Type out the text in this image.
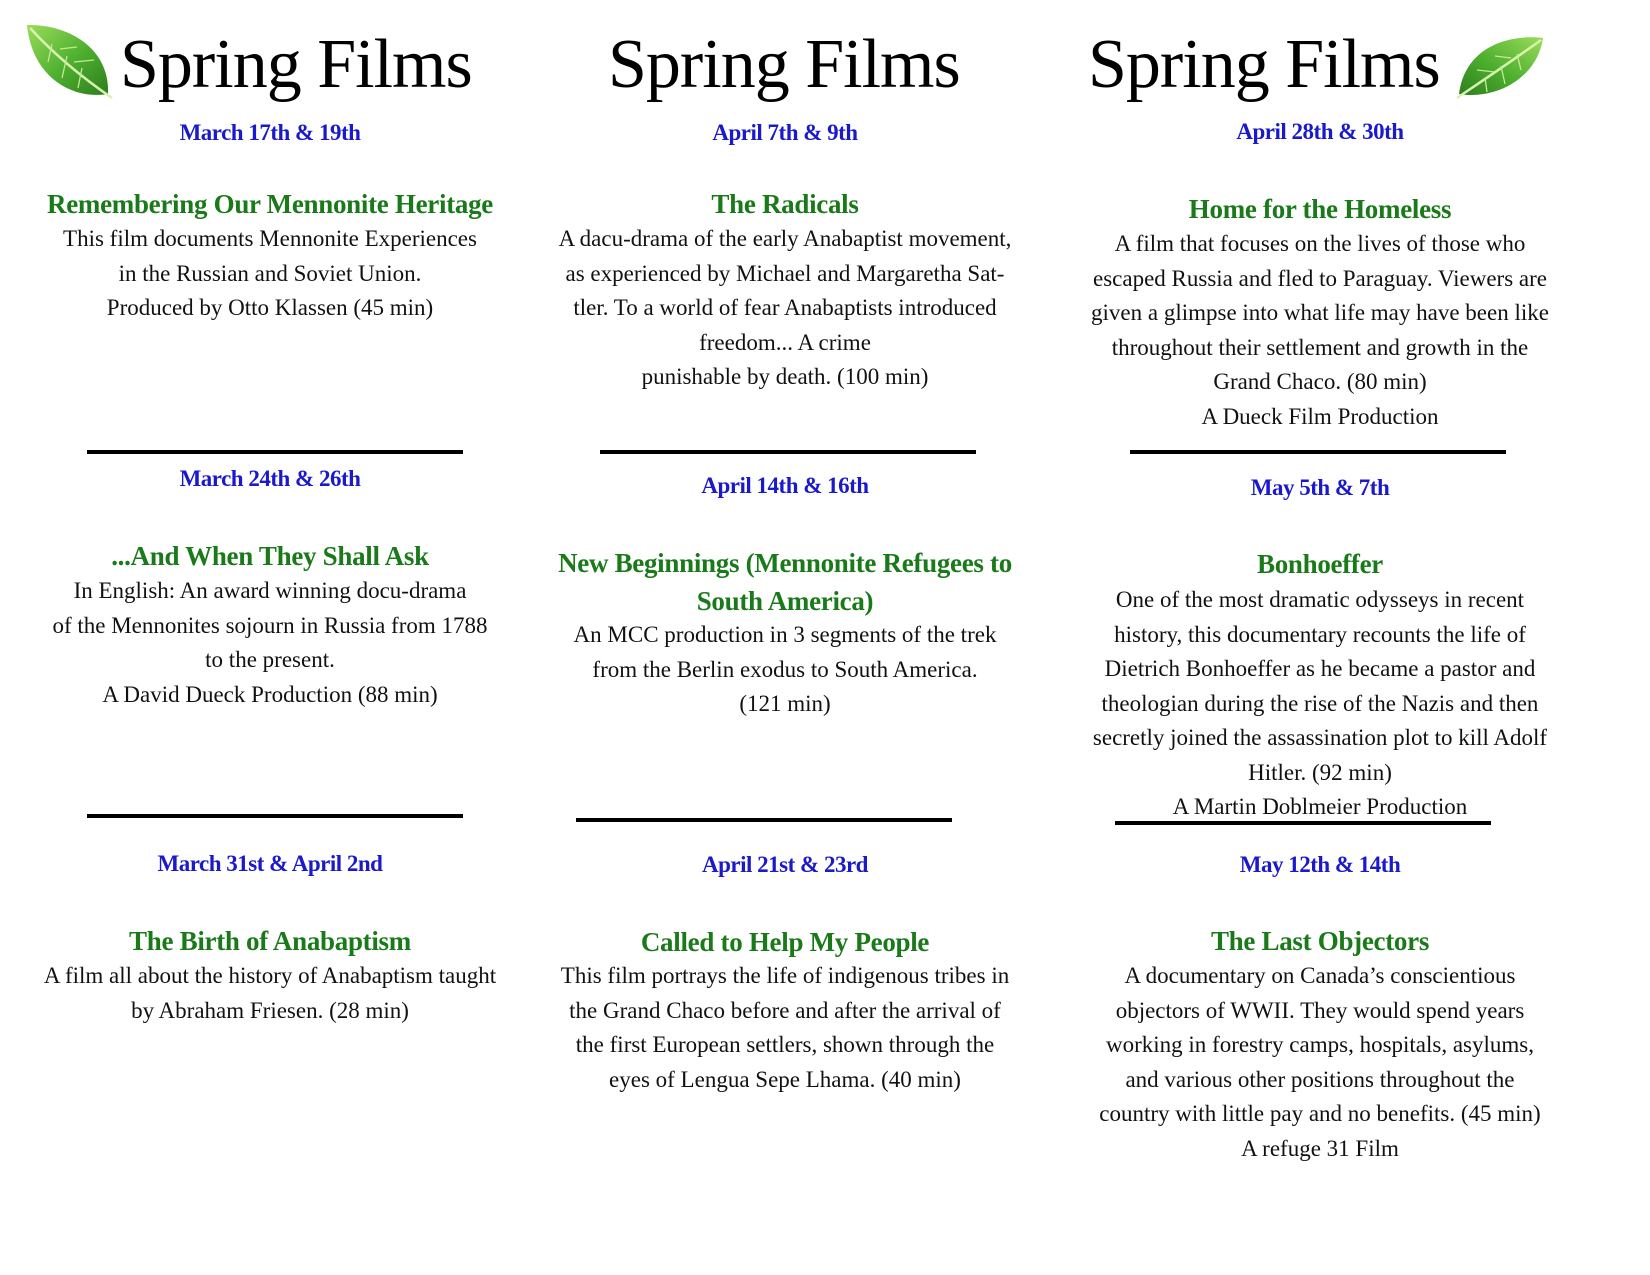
Spring Films
March 17th & 19th
Remembering Our Mennonite Heritage
This film documents Mennonite Experiences
in the Russian and Soviet Union.
Produced by Otto Klassen (45 min)
March 24th & 26th
...And When They Shall Ask
In English: An award winning docu-drama
of the Mennonites sojourn in Russia from 1788
to the present.
A David Dueck Production (88 min)
March 31st & April 2nd
The Birth of Anabaptism
A film all about the history of Anabaptism taught
by Abraham Friesen. (28 min)
Spring Films
April 7th & 9th
The Radicals
A dacu-drama of the early Anabaptist movement,
as experienced by Michael and Margaretha Sat-
tler. To a world of fear Anabaptists introduced
freedom... A crime
punishable by death. (100 min)
April 14th & 16th
New Beginnings (Mennonite Refugees to
South America)
An MCC production in 3 segments of the trek
from the Berlin exodus to South America.
(121 min)
April 21st & 23rd
Called to Help My People
This film portrays the life of indigenous tribes in
the Grand Chaco before and after the arrival of
the first European settlers, shown through the
eyes of Lengua Sepe Lhama. (40 min)
Spring Films
April 28th & 30th
Home for the Homeless
A film that focuses on the lives of those who
escaped Russia and fled to Paraguay. Viewers are
given a glimpse into what life may have been like
throughout their settlement and growth in the
Grand Chaco. (80 min)
A Dueck Film Production
May 5th & 7th
Bonhoeffer
One of the most dramatic odysseys in recent
history, this documentary recounts the life of
Dietrich Bonhoeffer as he became a pastor and
theologian during the rise of the Nazis and then
secretly joined the assassination plot to kill Adolf
Hitler. (92 min)
A Martin Doblmeier Production
May 12th & 14th
The Last Objectors
A documentary on Canada’s conscientious
objectors of WWII. They would spend years
working in forestry camps, hospitals, asylums,
and various other positions throughout the
country with little pay and no benefits. (45 min)
A refuge 31 Film
